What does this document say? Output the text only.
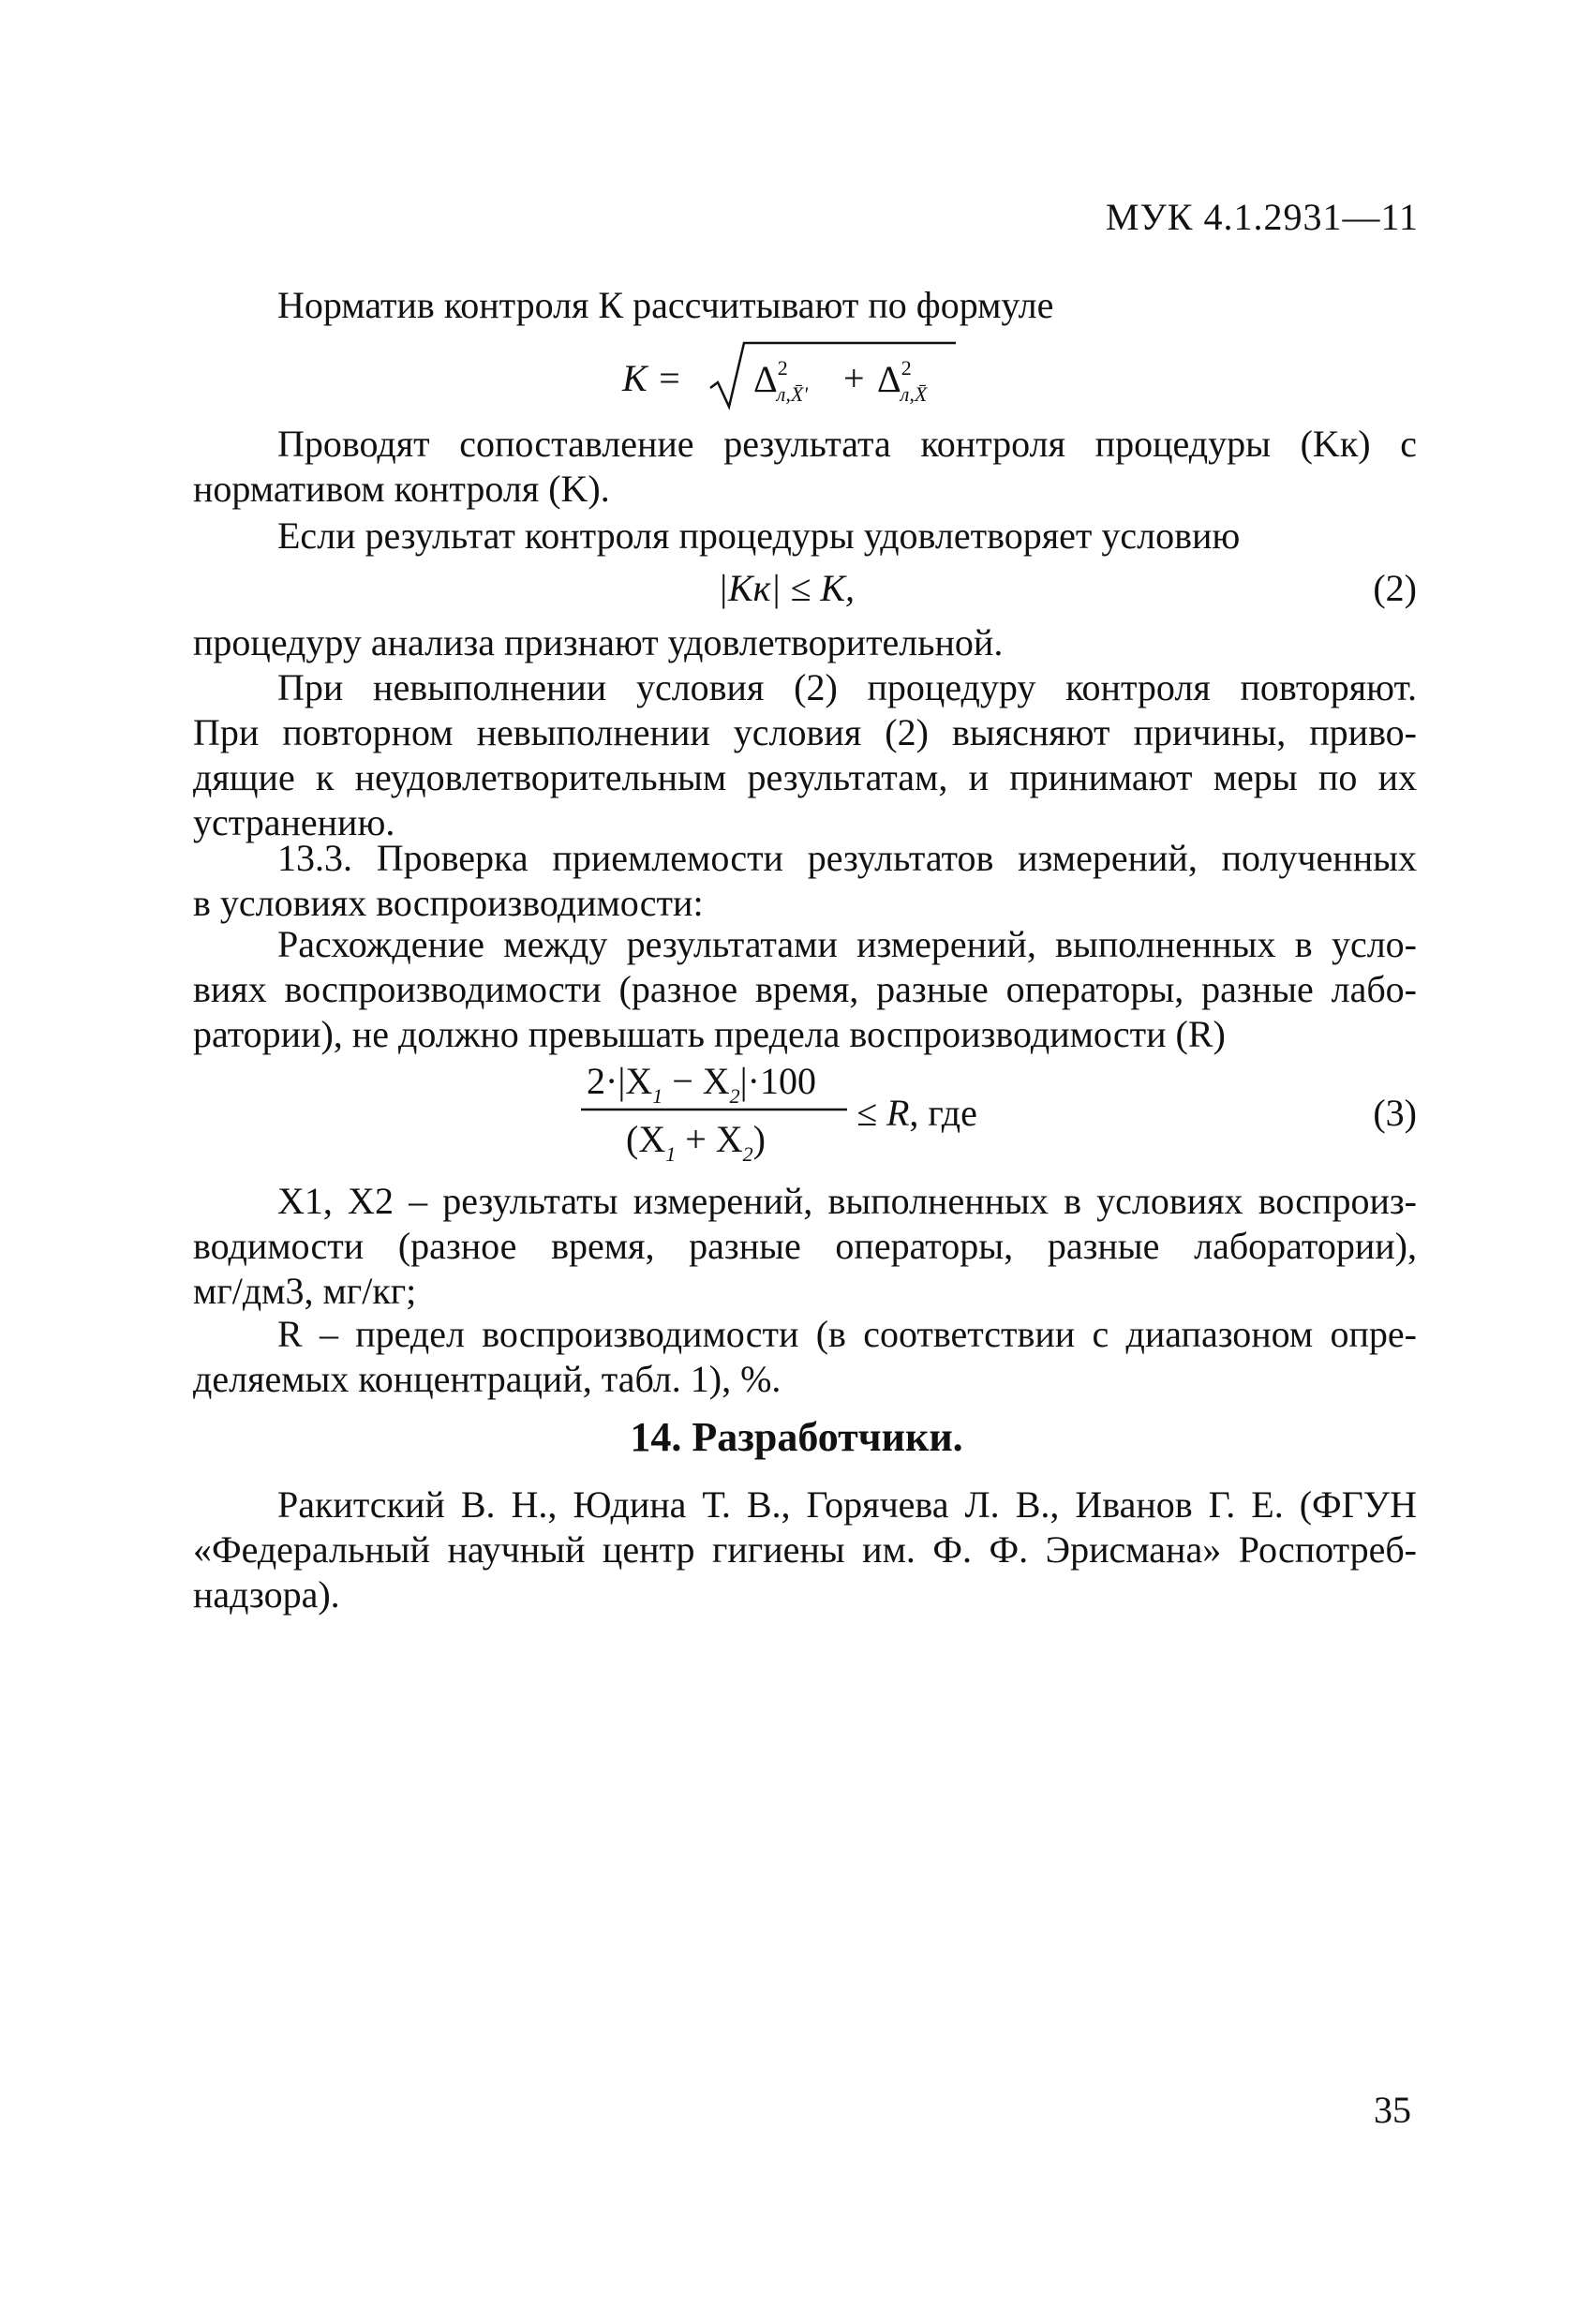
МУК 4.1.2931—11
Норматив контроля К рассчитывают по формуле
$K = \Delta^2_{л,X̄'} + \Delta^2_{л,X̄}$
Проводят сопоставление результата контроля процедуры (Kк) с
нормативом контроля (K).
Если результат контроля процедуры удовлетворяет условию
|Kк| ≤ K,	(2)
процедуру анализа признают удовлетворительной.
При невыполнении условия (2) процедуру контроля повторяют.
При повторном невыполнении условия (2) выясняют причины, приво-
дящие к неудовлетворительным результатам, и принимают меры по их
устранению.
13.3. Проверка приемлемости результатов измерений, полученных
в условиях воспроизводимости:
Расхождение между результатами измерений, выполненных в усло-
виях воспроизводимости (разное время, разные операторы, разные лабо-
ратории), не должно превышать предела воспроизводимости (R)
$2\cdot|X_1 - X_2|\cdot 100$
$(X_1 + X_2)$
≤ R, где	(3)
X1, X2 – результаты измерений, выполненных в условиях воспроиз-
водимости (разное время, разные операторы, разные лаборатории),
мг/дм3, мг/кг;
R – предел воспроизводимости (в соответствии с диапазоном опре-
деляемых концентраций, табл. 1), %.
14. Разработчики.
Ракитский В. Н., Юдина Т. В., Горячева Л. В., Иванов Г. Е. (ФГУН
«Федеральный научный центр гигиены им. Ф. Ф. Эрисмана» Роспотреб-
надзора).
35
